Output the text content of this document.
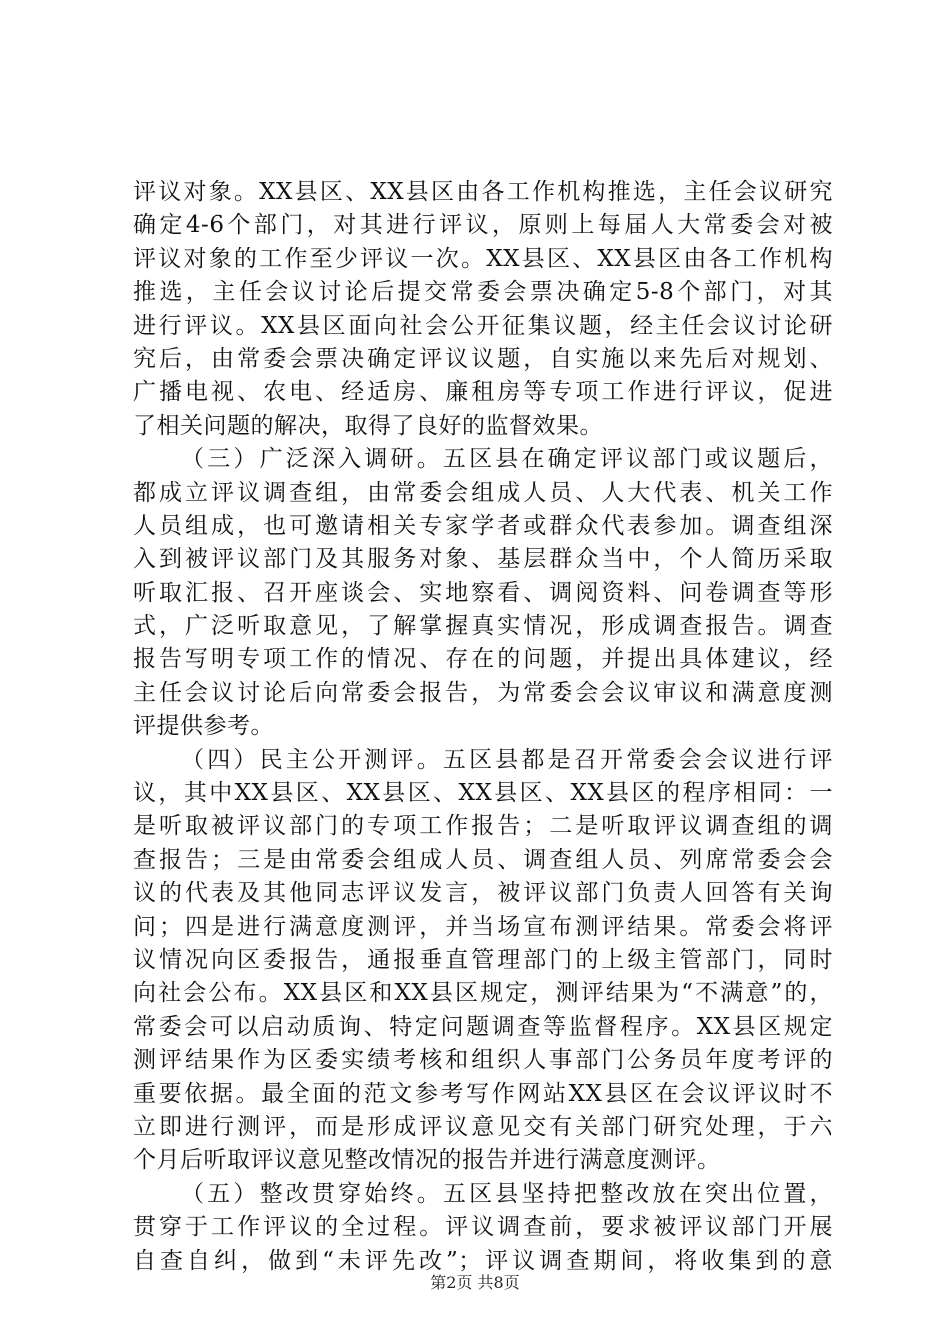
评议对象。XX县区、XX县区由各工作机构推选，主任会议研究
确定4-6个部门，对其进行评议，原则上每届人大常委会对被
评议对象的工作至少评议一次。XX县区、XX县区由各工作机构
推选，主任会议讨论后提交常委会票决确定5-8个部门，对其
进行评议。XX县区面向社会公开征集议题，经主任会议讨论研
究后，由常委会票决确定评议议题，自实施以来先后对规划、
广播电视、农电、经适房、廉租房等专项工作进行评议，促进
了相关问题的解决，取得了良好的监督效果。
（三）广泛深入调研。五区县在确定评议部门或议题后，
都成立评议调查组，由常委会组成人员、人大代表、机关工作
人员组成，也可邀请相关专家学者或群众代表参加。调查组深
入到被评议部门及其服务对象、基层群众当中，个人简历采取
听取汇报、召开座谈会、实地察看、调阅资料、问卷调查等形
式，广泛听取意见，了解掌握真实情况，形成调查报告。调查
报告写明专项工作的情况、存在的问题，并提出具体建议，经
主任会议讨论后向常委会报告，为常委会会议审议和满意度测
评提供参考。
（四）民主公开测评。五区县都是召开常委会会议进行评
议，其中XX县区、XX县区、XX县区、XX县区的程序相同：一
是听取被评议部门的专项工作报告；二是听取评议调查组的调
查报告；三是由常委会组成人员、调查组人员、列席常委会会
议的代表及其他同志评议发言，被评议部门负责人回答有关询
问；四是进行满意度测评，并当场宣布测评结果。常委会将评
议情况向区委报告，通报垂直管理部门的上级主管部门，同时
向社会公布。XX县区和XX县区规定，测评结果为“不满意”的，
常委会可以启动质询、特定问题调查等监督程序。XX县区规定
测评结果作为区委实绩考核和组织人事部门公务员年度考评的
重要依据。最全面的范文参考写作网站XX县区在会议评议时不
立即进行测评，而是形成评议意见交有关部门研究处理，于六
个月后听取评议意见整改情况的报告并进行满意度测评。
（五）整改贯穿始终。五区县坚持把整改放在突出位置，
贯穿于工作评议的全过程。评议调查前，要求被评议部门开展
自查自纠，做到“未评先改”；评议调查期间，将收集到的意
第2页 共8页
